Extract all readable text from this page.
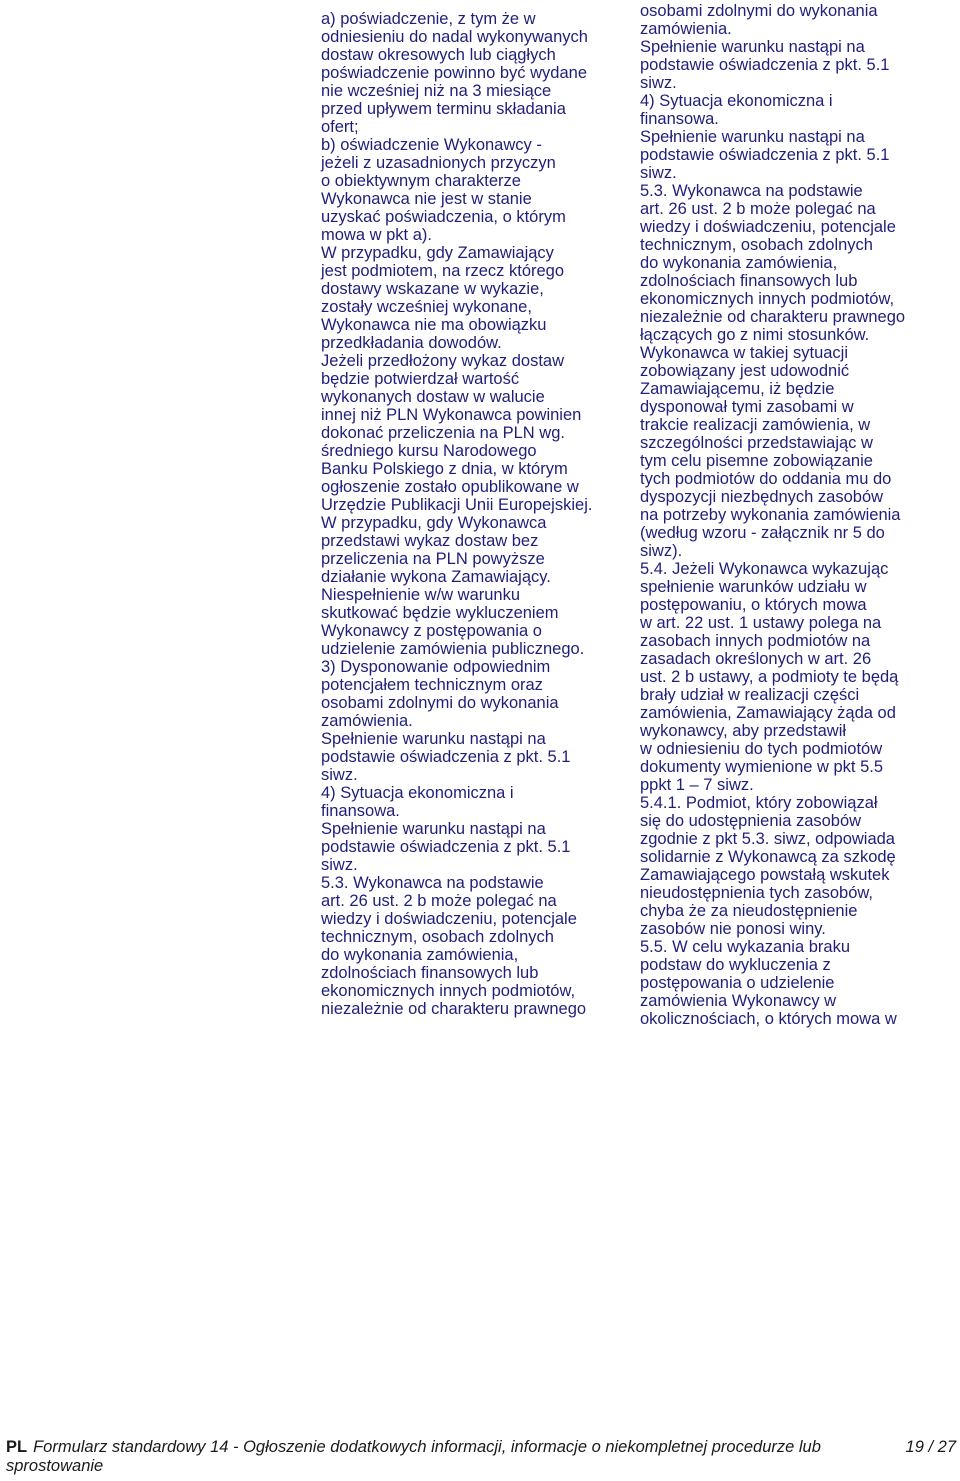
a) poświadczenie, z tym że w
odniesieniu do nadal wykonywanych
dostaw okresowych lub ciągłych
poświadczenie powinno być wydane
nie wcześniej niż na 3 miesiące
przed upływem terminu składania
ofert;
b) oświadczenie Wykonawcy -
jeżeli z uzasadnionych przyczyn
o obiektywnym charakterze
Wykonawca nie jest w stanie
uzyskać poświadczenia, o którym
mowa w pkt a).
W przypadku, gdy Zamawiający
jest podmiotem, na rzecz którego
dostawy wskazane w wykazie,
zostały wcześniej wykonane,
Wykonawca nie ma obowiązku
przedkładania dowodów.
Jeżeli przedłożony wykaz dostaw
będzie potwierdzał wartość
wykonanych dostaw w walucie
innej niż PLN Wykonawca powinien
dokonać przeliczenia na PLN wg.
średniego kursu Narodowego
Banku Polskiego z dnia, w którym
ogłoszenie zostało opublikowane w
Urzędzie Publikacji Unii Europejskiej.
W przypadku, gdy Wykonawca
przedstawi wykaz dostaw bez
przeliczenia na PLN powyższe
działanie wykona Zamawiający.
Niespełnienie w/w warunku
skutkować będzie wykluczeniem
Wykonawcy z postępowania o
udzielenie zamówienia publicznego.
3) Dysponowanie odpowiednim
potencjałem technicznym oraz
osobami zdolnymi do wykonania
zamówienia.
Spełnienie warunku nastąpi na
podstawie oświadczenia z pkt. 5.1
siwz.
4) Sytuacja ekonomiczna i
finansowa.
Spełnienie warunku nastąpi na
podstawie oświadczenia z pkt. 5.1
siwz.
5.3. Wykonawca na podstawie
art. 26 ust. 2 b może polegać na
wiedzy i doświadczeniu, potencjale
technicznym, osobach zdolnych
do wykonania zamówienia,
zdolnościach finansowych lub
ekonomicznych innych podmiotów,
niezależnie od charakteru prawnego
osobami zdolnymi do wykonania
zamówienia.
Spełnienie warunku nastąpi na
podstawie oświadczenia z pkt. 5.1
siwz.
4) Sytuacja ekonomiczna i
finansowa.
Spełnienie warunku nastąpi na
podstawie oświadczenia z pkt. 5.1
siwz.
5.3. Wykonawca na podstawie
art. 26 ust. 2 b może polegać na
wiedzy i doświadczeniu, potencjale
technicznym, osobach zdolnych
do wykonania zamówienia,
zdolnościach finansowych lub
ekonomicznych innych podmiotów,
niezależnie od charakteru prawnego
łączących go z nimi stosunków.
Wykonawca w takiej sytuacji
zobowiązany jest udowodnić
Zamawiającemu, iż będzie
dysponował tymi zasobami w
trakcie realizacji zamówienia, w
szczególności przedstawiając w
tym celu pisemne zobowiązanie
tych podmiotów do oddania mu do
dyspozycji niezbędnych zasobów
na potrzeby wykonania zamówienia
(według wzoru - załącznik nr 5 do
siwz).
5.4. Jeżeli Wykonawca wykazując
spełnienie warunków udziału w
postępowaniu, o których mowa
w art. 22 ust. 1 ustawy polega na
zasobach innych podmiotów na
zasadach określonych w art. 26
ust. 2 b ustawy, a podmioty te będą
brały udział w realizacji części
zamówienia, Zamawiający żąda od
wykonawcy, aby przedstawił
w odniesieniu do tych podmiotów
dokumenty wymienione w pkt 5.5
ppkt 1 – 7 siwz.
5.4.1. Podmiot, który zobowiązał
się do udostępnienia zasobów
zgodnie z pkt 5.3. siwz, odpowiada
solidarnie z Wykonawcą za szkodę
Zamawiającego powstałą wskutek
nieudostępnienia tych zasobów,
chyba że za nieudostępnienie
zasobów nie ponosi winy.
5.5. W celu wykazania braku
podstaw do wykluczenia z
postępowania o udzielenie
zamówienia Wykonawcy w
okolicznościach, o których mowa w
PL Formularz standardowy 14 - Ogłoszenie dodatkowych informacji, informacje o niekompletnej procedurze lub	19 / 27
sprostowanie
